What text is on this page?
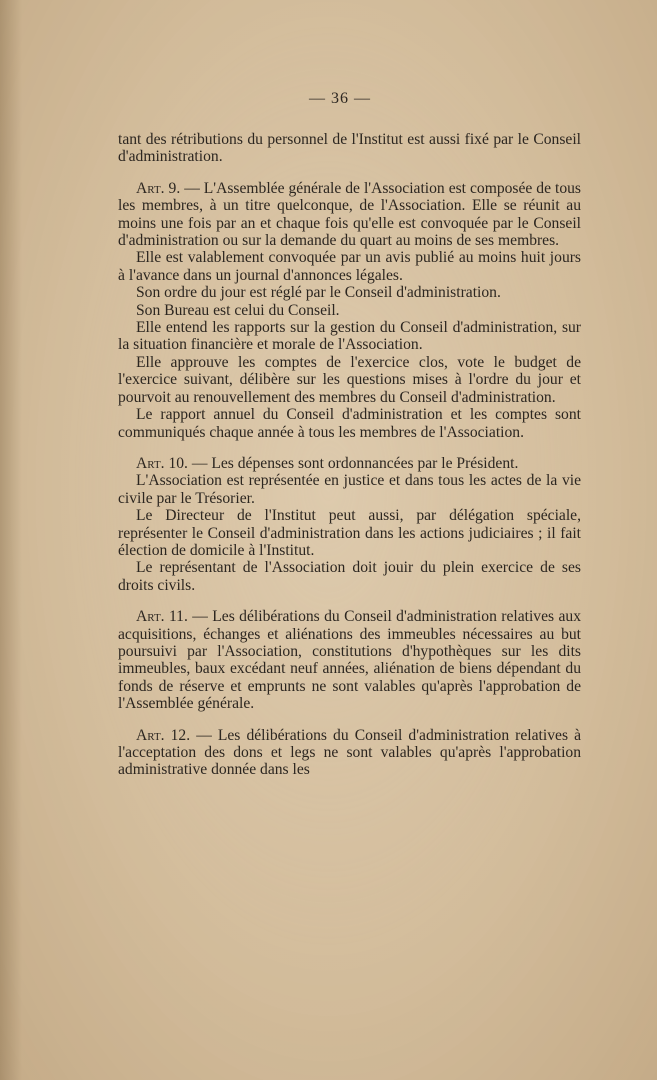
— 36 —

tant des rétributions du personnel de l'Institut est aussi fixé par le Conseil d'administration.

Art. 9. — L'Assemblée générale de l'Association est composée de tous les membres, à un titre quelconque, de l'Association. Elle se réunit au moins une fois par an et chaque fois qu'elle est convoquée par le Conseil d'administration ou sur la demande du quart au moins de ses membres.

Elle est valablement convoquée par un avis publié au moins huit jours à l'avance dans un journal d'annonces légales.

Son ordre du jour est réglé par le Conseil d'administration.

Son Bureau est celui du Conseil.

Elle entend les rapports sur la gestion du Conseil d'administration, sur la situation financière et morale de l'Association.

Elle approuve les comptes de l'exercice clos, vote le budget de l'exercice suivant, délibère sur les questions mises à l'ordre du jour et pourvoit au renouvellement des membres du Conseil d'administration.

Le rapport annuel du Conseil d'administration et les comptes sont communiqués chaque année à tous les membres de l'Association.

Art. 10. — Les dépenses sont ordonnancées par le Président.

L'Association est représentée en justice et dans tous les actes de la vie civile par le Trésorier.

Le Directeur de l'Institut peut aussi, par délégation spéciale, représenter le Conseil d'administration dans les actions judiciaires ; il fait élection de domicile à l'Institut.

Le représentant de l'Association doit jouir du plein exercice de ses droits civils.

Art. 11. — Les délibérations du Conseil d'administration relatives aux acquisitions, échanges et aliénations des immeubles nécessaires au but poursuivi par l'Association, constitutions d'hypothèques sur les dits immeubles, baux excédant neuf années, aliénation de biens dépendant du fonds de réserve et emprunts ne sont valables qu'après l'approbation de l'Assemblée générale.

Art. 12. — Les délibérations du Conseil d'administration relatives à l'acceptation des dons et legs ne sont valables qu'après l'approbation administrative donnée dans les
